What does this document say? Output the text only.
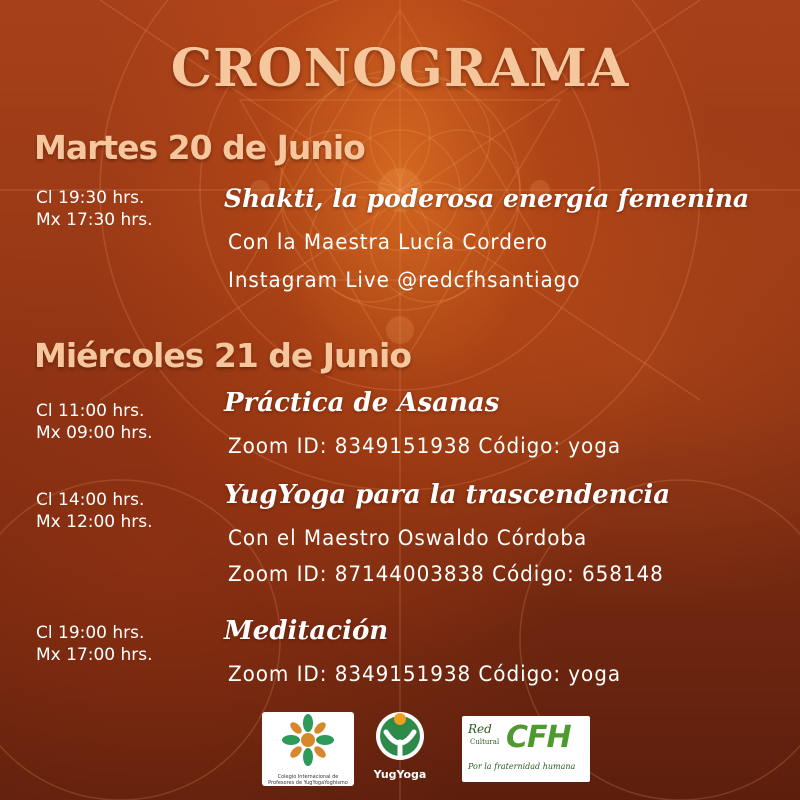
CRONOGRAMA
Martes 20 de Junio
Cl 19:30 hrs.
Mx 17:30 hrs.
Shakti, la poderosa energía femenina
Con la Maestra Lucía Cordero
Instagram Live @redcfhsantiago
Miércoles 21 de Junio
Cl 11:00 hrs.
Mx 09:00 hrs.
Práctica de Asanas
Zoom ID: 8349151938 Código: yoga
Cl 14:00 hrs.
Mx 12:00 hrs.
YugYoga para la trascendencia
Con el Maestro Oswaldo Córdoba
Zoom ID: 87144003838 Código: 658148
Cl 19:00 hrs.
Mx 17:00 hrs.
Meditación
Zoom ID: 8349151938 Código: yoga
Colegio Internacional de Profesores de YugYogaYoghismo
YugYoga
Red
Cultural CFH
Por la fraternidad humana
